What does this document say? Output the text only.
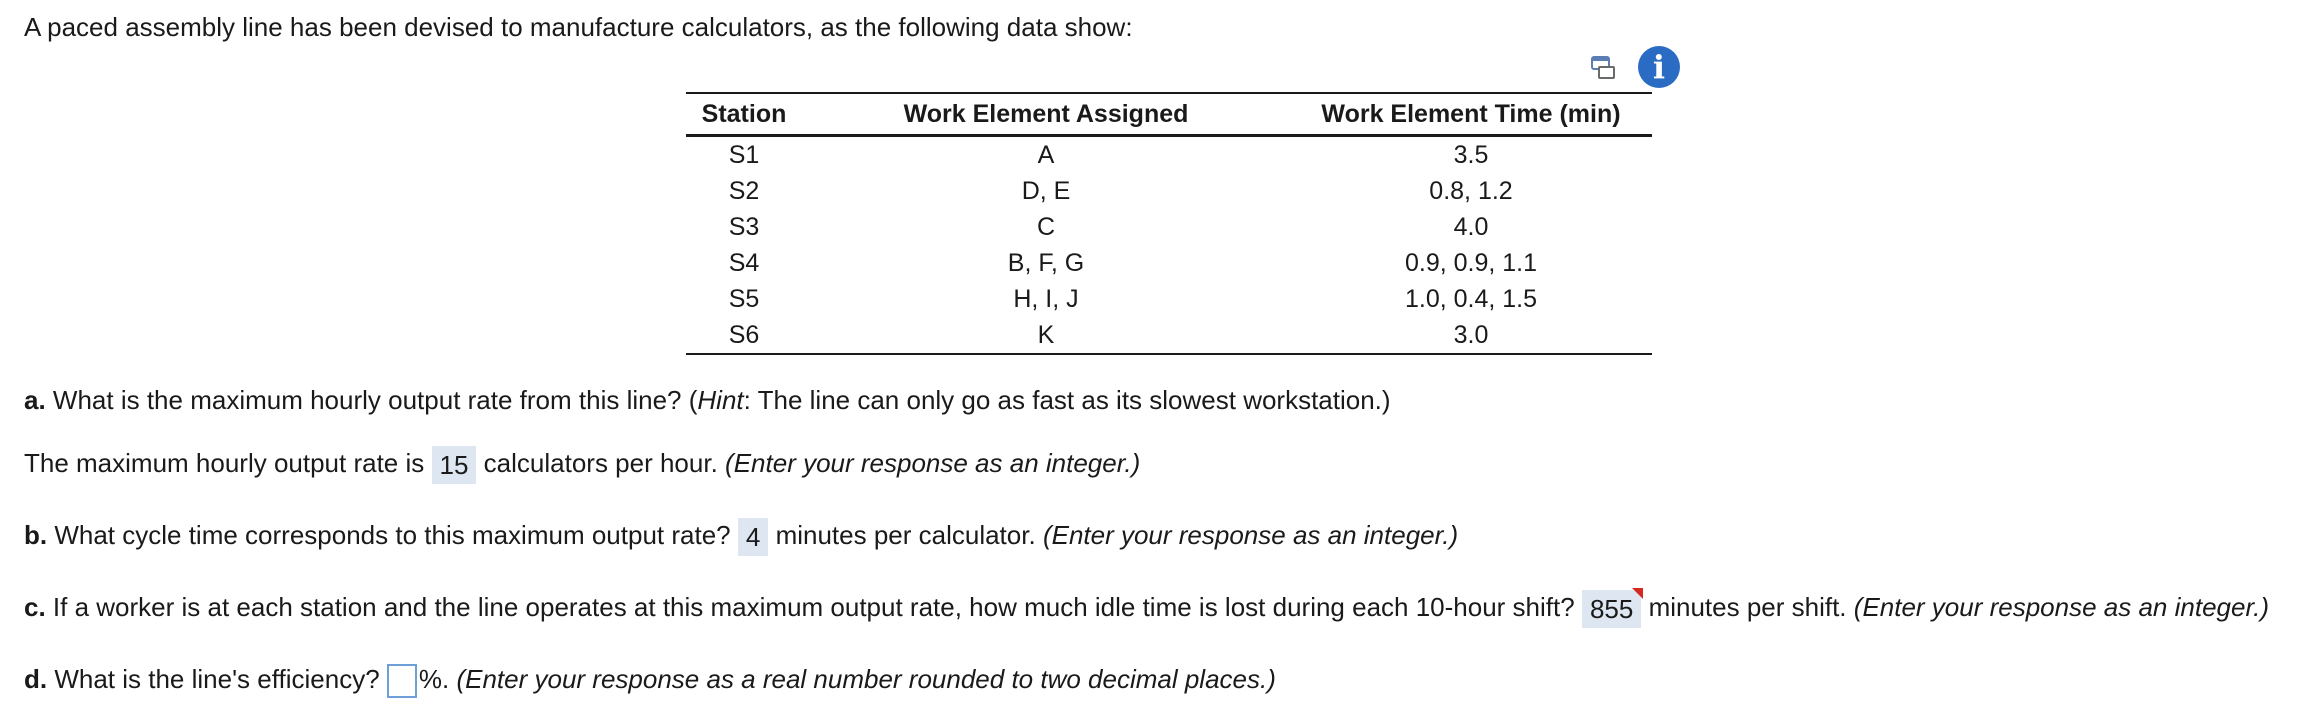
A paced assembly line has been devised to manufacture calculators, as the following data show:
i
Station	Work Element Assigned	Work Element Time (min)
S1	A	3.5
S2	D, E	0.8, 1.2
S3	C	4.0
S4	B, F, G	0.9, 0.9, 1.1
S5	H, I, J	1.0, 0.4, 1.5
S6	K	3.0
a. What is the maximum hourly output rate from this line? (Hint: The line can only go as fast as its slowest workstation.)
The maximum hourly output rate is 15 calculators per hour. (Enter your response as an integer.)
b. What cycle time corresponds to this maximum output rate? 4 minutes per calculator. (Enter your response as an integer.)
c. If a worker is at each station and the line operates at this maximum output rate, how much idle time is lost during each 10-hour shift? 855 minutes per shift. (Enter your response as an integer.)
d. What is the line's efficiency? %. (Enter your response as a real number rounded to two decimal places.)
